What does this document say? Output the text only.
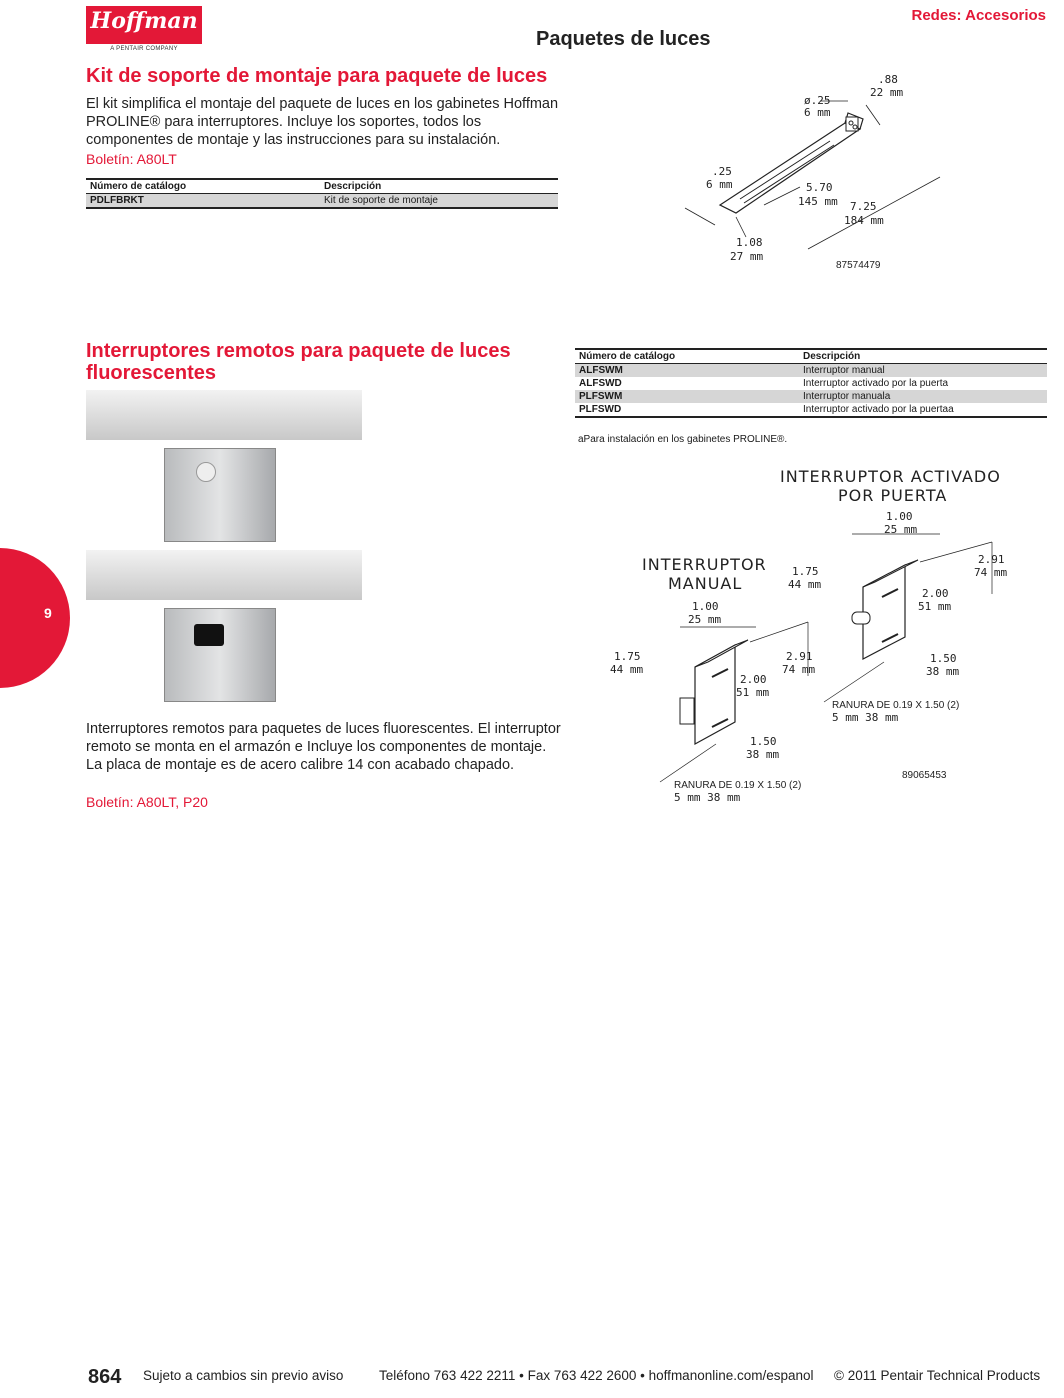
Hoffman
A PENTAIR COMPANY
Redes: Accesorios
Paquetes de luces
9
Kit de soporte de montaje para paquete de luces
El kit simplifica el montaje del paquete de luces en los gabinetes Hoffman PROLINE® para interruptores. Incluye los soportes, todos los componentes de montaje y las instrucciones para su instalación.
Boletín: A80LT
Número de catálogo	Descripción
PDLFBRKT	Kit de soporte de montaje
.88
22 mm
ø.25
6 mm
.25
6 mm	5.70
145 mm 7.25
184 mm
1.08
27 mm
87574479
Interruptores remotos para paquete de luces
fluorescentes
Interruptores remotos para paquetes de luces fluorescentes. El interruptor remoto se monta en el armazón e Incluye los componentes de montaje. La placa de montaje es de acero calibre 14 con acabado chapado.
Boletín: A80LT, P20
Número de catálogo	Descripción
ALFSWM	Interruptor manual
ALFSWD	Interruptor activado por la puerta
PLFSWM	Interruptor manuala
PLFSWD	Interruptor activado por la puertaa
aPara instalación en los gabinetes PROLINE®.
INTERRUPTOR ACTIVADO
POR PUERTA
1.00
25 mm
1.75
44 mm
2.91
74 mm
2.00
51 mm
1.50
38 mm
RANURA DE 0.19 X 1.50 (2)
5 mm 38 mm
INTERRUPTOR
MANUAL
1.00
25 mm
1.75
44 mm
2.91
74 mm
2.00
51 mm
1.50
38 mm
RANURA DE 0.19 X 1.50 (2)
5 mm 38 mm
89065453
864 Sujeto a cambios sin previo aviso	Teléfono 763 422 2211 • Fax 763 422 2600 • hoffmanonline.com/espanol © 2011 Pentair Technical Products
